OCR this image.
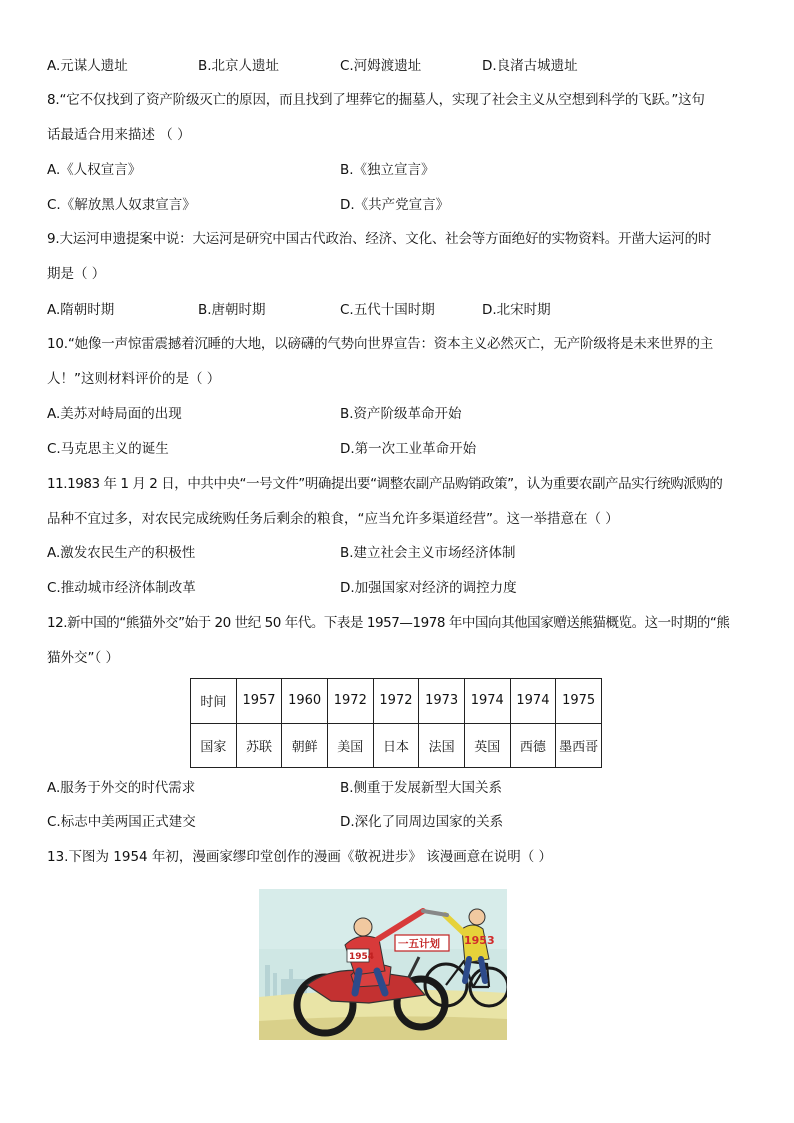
A.元谋人遗址	B.北京人遗址	C.河姆渡遗址	D.良渚古城遗址
8.“它不仅找到了资产阶级灭亡的原因，而且找到了埋葬它的掘墓人，实现了社会主义从空想到科学的飞跃。”这句
话最适合用来描述 （ ）
A.《人权宣言》	B.《独立宣言》
C.《解放黑人奴隶宣言》	D.《共产党宣言》
9.大运河申遗提案中说：大运河是研究中国古代政治、经济、文化、社会等方面绝好的实物资料。开凿大运河的时
期是（ ）
A.隋朝时期	B.唐朝时期	C.五代十国时期	D.北宋时期
10.“她像一声惊雷震撼着沉睡的大地，以磅礴的气势向世界宣告：资本主义必然灭亡，无产阶级将是未来世界的主
人！”这则材料评价的是（ ）
A.美苏对峙局面的出现	B.资产阶级革命开始
C.马克思主义的诞生	D.第一次工业革命开始
11.1983 年 1 月 2 日，中共中央“一号文件”明确提出要“调整农副产品购销政策”，认为重要农副产品实行统购派购的
品种不宜过多，对农民完成统购任务后剩余的粮食，“应当允许多渠道经营”。这一举措意在（ ）
A.激发农民生产的积极性	B.建立社会主义市场经济体制
C.推动城市经济体制改革	D.加强国家对经济的调控力度
12.新中国的“熊猫外交”始于 20 世纪 50 年代。下表是 1957—1978 年中国向其他国家赠送熊猫概览。这一时期的“熊
猫外交”（ ）
时间	1957	1960	1972	1972	1973	1974	1974	1975
国家	苏联	朝鲜	美国	日本	法国	英国	西德	墨西哥
A.服务于外交的时代需求	B.侧重于发展新型大国关系
C.标志中美两国正式建交	D.深化了同周边国家的关系
13.下图为 1954 年初，漫画家缪印堂创作的漫画《敬祝进步》 该漫画意在说明（ ）
1953
1954
一五计划
